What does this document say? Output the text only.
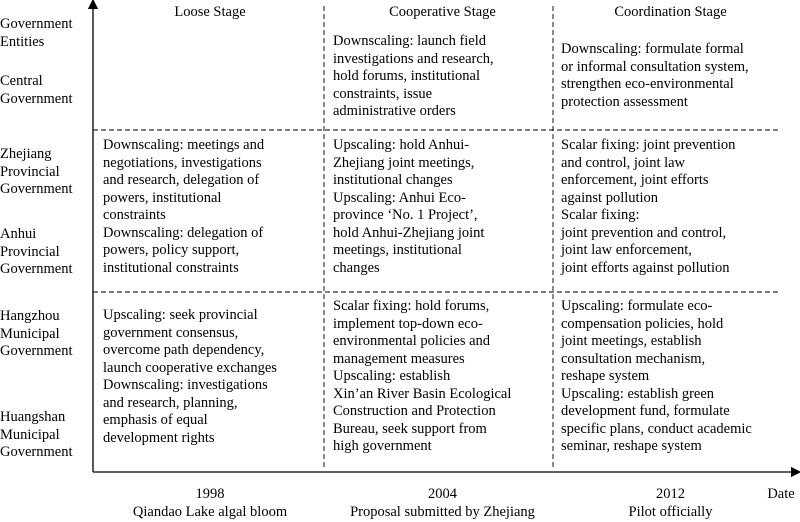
Government
Entities
Central
Government
Zhejiang
Provincial
Government
Anhui
Provincial
Government
Hangzhou
Municipal
Government
Huangshan
Municipal
Government
Loose Stage	Cooperative Stage	Coordination Stage
Downscaling: launch field
investigations and research,
hold forums, institutional
constraints, issue
administrative orders
Downscaling: formulate formal
or informal consultation system,
strengthen eco-environmental
protection assessment
Downscaling: meetings and
negotiations, investigations
and research, delegation of
powers, institutional
constraints
Downscaling: delegation of
powers, policy support,
institutional constraints
Upscaling: hold Anhui-
Zhejiang joint meetings,
institutional changes
Upscaling: Anhui Eco-
province ‘No. 1 Project’,
hold Anhui-Zhejiang joint
meetings, institutional
changes
Scalar fixing: joint prevention
and control, joint law
enforcement, joint efforts
against pollution
Scalar fixing:
joint prevention and control,
joint law enforcement,
joint efforts against pollution
Upscaling: seek provincial
government consensus,
overcome path dependency,
launch cooperative exchanges
Downscaling: investigations
and research, planning,
emphasis of equal
development rights
Scalar fixing: hold forums,
implement top-down eco-
environmental policies and
management measures
Upscaling: establish
Xin’an River Basin Ecological
Construction and Protection
Bureau, seek support from
high government
Upscaling: formulate eco-
compensation policies, hold
joint meetings, establish
consultation mechanism,
reshape system
Upscaling: establish green
development fund, formulate
specific plans, conduct academic
seminar, reshape system
1998
Qiandao Lake algal bloom
2004
Proposal submitted by Zhejiang
2012
Pilot officially
Date
